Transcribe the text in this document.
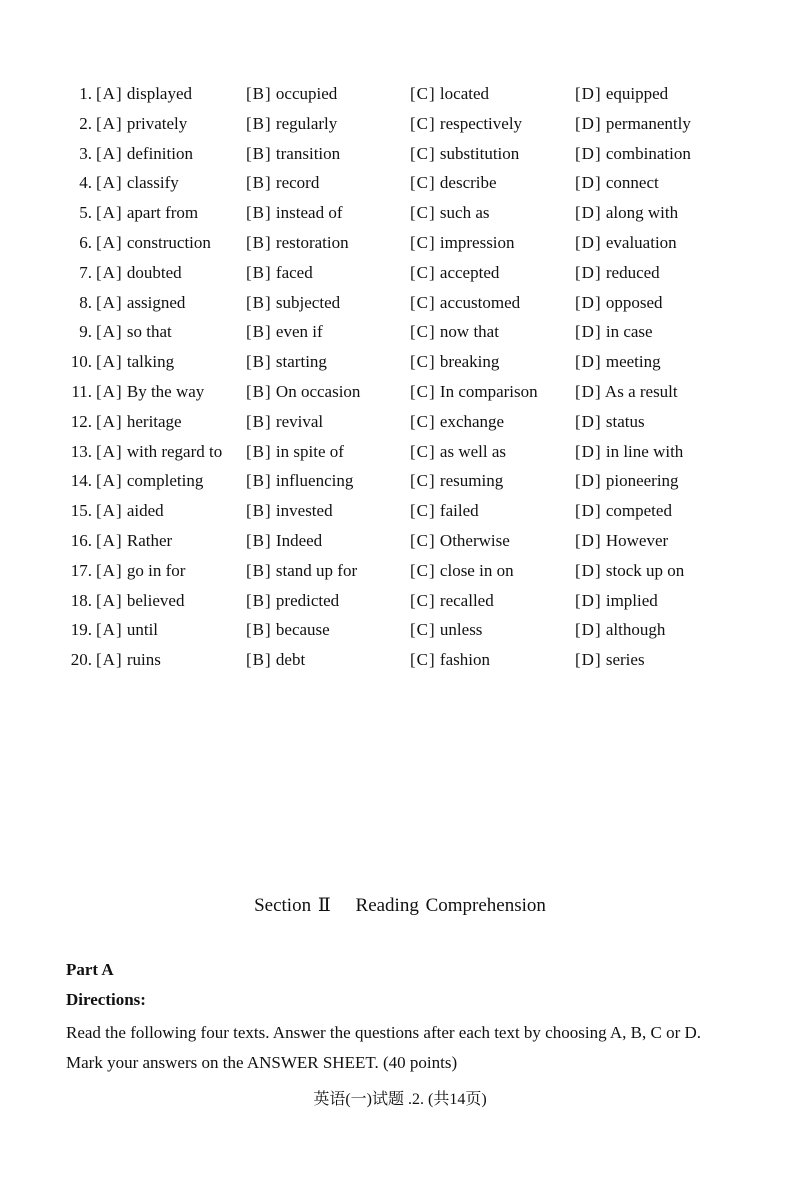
1. [A] displayed	[B] occupied	[C] located	[D] equipped
2. [A] privately	[B] regularly	[C] respectively	[D] permanently
3. [A] definition	[B] transition	[C] substitution	[D] combination
4. [A] classify	[B] record	[C] describe	[D] connect
5. [A] apart from	[B] instead of	[C] such as	[D] along with
6. [A] construction [B] restoration	[C] impression	[D] evaluation
7. [A] doubted	[B] faced	[C] accepted	[D] reduced
8. [A] assigned	[B] subjected	[C] accustomed	[D] opposed
9. [A] so that	[B] even if	[C] now that	[D] in case
10. [A] talking	[B] starting	[C] breaking	[D] meeting
11. [A] By the way [B] On occasion	[C] In comparison [D] As a result
12. [A] heritage	[B] revival	[C] exchange	[D] status
13. [A] with regard to [B] in spite of	[C] as well as	[D] in line with
14. [A] completing	[B] influencing	[C] resuming	[D] pioneering
15. [A] aided	[B] invested	[C] failed	[D] competed
16. [A] Rather	[B] Indeed	[C] Otherwise	[D] However
17. [A] go in for	[B] stand up for	[C] close in on	[D] stock up on
18. [A] believed	[B] predicted	[C] recalled	[D] implied
19. [A] until	[B] because	[C] unless	[D] although
20. [A] ruins	[B] debt	[C] fashion	[D] series
Section Ⅱ Reading Comprehension
Part A
Directions:
Read the following four texts. Answer the questions after each text by choosing A, B, C or D. Mark your answers on the ANSWER SHEET. (40 points)
英语(一)试题 .2. (共14页)
